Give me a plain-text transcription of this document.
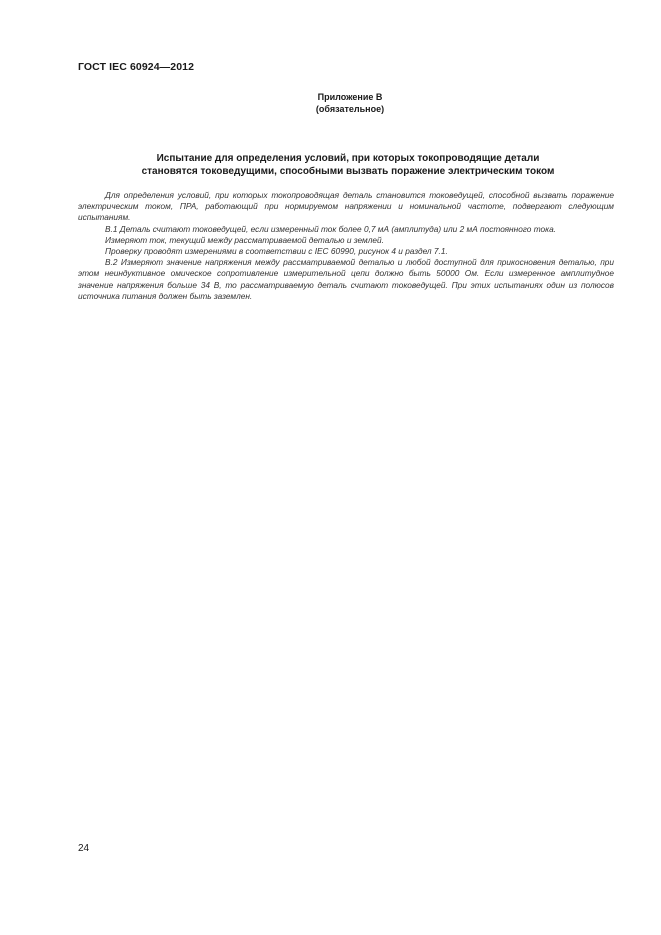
ГОСТ IEC 60924—2012
Приложение В
(обязательное)
Испытание для определения условий, при которых токопроводящие детали
становятся токоведущими, способными вызвать поражение электрическим током

Для определения условий, при которых токопроводящая деталь становится токоведущей, способной вызвать поражение электрическим током, ПРА, работающий при нормируемом напряжении и номинальной частоте, подвергают следующим испытаниям.

В.1 Деталь считают токоведущей, если измеренный ток более 0,7 мА (амплитуда) или 2 мА постоянного тока.

Измеряют ток, текущий между рассматриваемой деталью и землей.

Проверку проводят измерениями в соответствии с IEC 60990, рисунок 4 и раздел 7.1.

В.2 Измеряют значение напряжения между рассматриваемой деталью и любой доступной для прикосновения деталью, при этом неиндуктивное омическое сопротивление измерительной цепи должно быть 50000 Ом. Если измеренное амплитудное значение напряжения больше 34 В, то рассматриваемую деталь считают токоведущей. При этих испытаниях один из полюсов источника питания должен быть заземлен.

24
